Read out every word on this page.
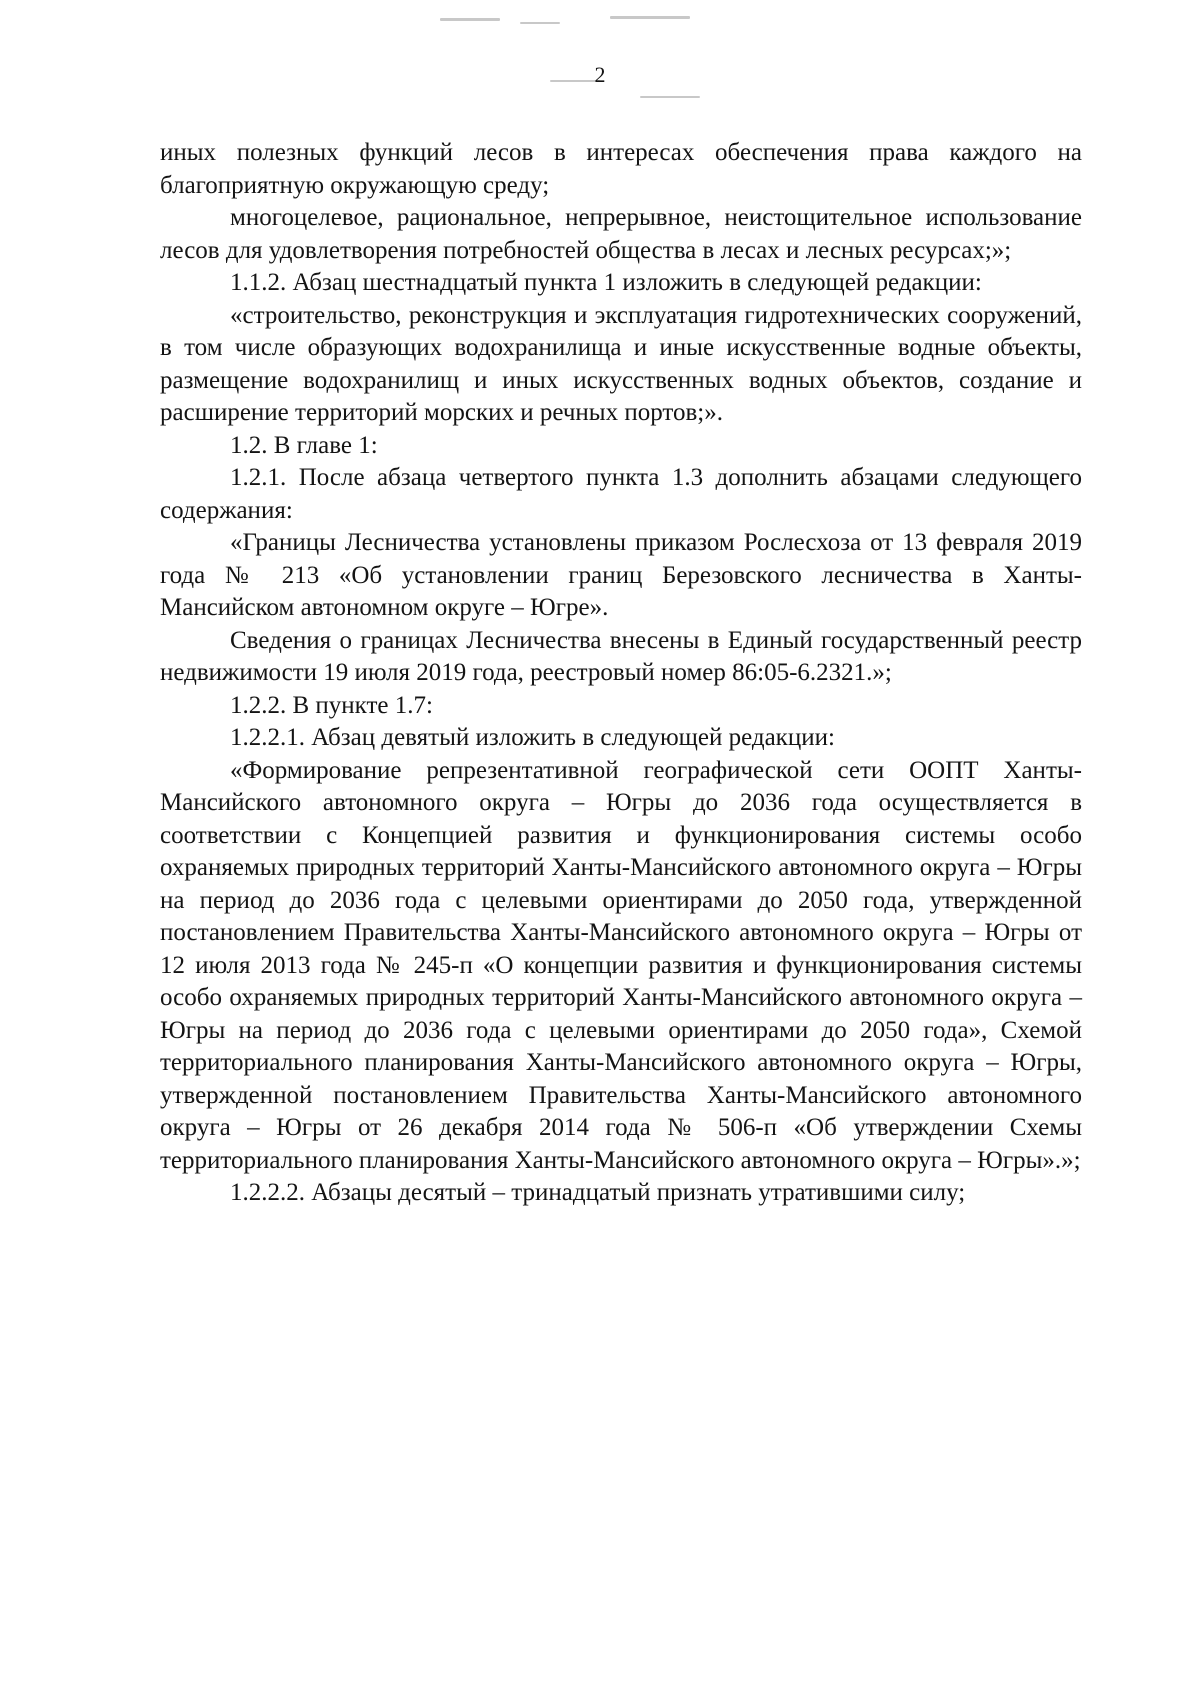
2

иных полезных функций лесов в интересах обеспечения права каждого на благоприятную окружающую среду;

многоцелевое, рациональное, непрерывное, неистощительное использование лесов для удовлетворения потребностей общества в лесах и лесных ресурсах;»;

1.1.2. Абзац шестнадцатый пункта 1 изложить в следующей редакции:

«строительство, реконструкция и эксплуатация гидротехнических сооружений, в том числе образующих водохранилища и иные искусственные водные объекты, размещение водохранилищ и иных искусственных водных объектов, создание и расширение территорий морских и речных портов;».

1.2. В главе 1:

1.2.1. После абзаца четвертого пункта 1.3 дополнить абзацами следующего содержания:

«Границы Лесничества установлены приказом Рослесхоза от 13 февраля 2019 года № 213 «Об установлении границ Березовского лесничества в Ханты-Мансийском автономном округе – Югре».

Сведения о границах Лесничества внесены в Единый государственный реестр недвижимости 19 июля 2019 года, реестровый номер 86:05-6.2321.»;

1.2.2. В пункте 1.7:

1.2.2.1. Абзац девятый изложить в следующей редакции:

«Формирование репрезентативной географической сети ООПТ Ханты-Мансийского автономного округа – Югры до 2036 года осуществляется в соответствии с Концепцией развития и функционирования системы особо охраняемых природных территорий Ханты-Мансийского автономного округа – Югры на период до 2036 года с целевыми ориентирами до 2050 года, утвержденной постановлением Правительства Ханты-Мансийского автономного округа – Югры от 12 июля 2013 года № 245-п «О концепции развития и функционирования системы особо охраняемых природных территорий Ханты-Мансийского автономного округа – Югры на период до 2036 года с целевыми ориентирами до 2050 года», Схемой территориального планирования Ханты-Мансийского автономного округа – Югры, утвержденной постановлением Правительства Ханты-Мансийского автономного округа – Югры от 26 декабря 2014 года № 506-п «Об утверждении Схемы территориального планирования Ханты-Мансийского автономного округа – Югры».»;

1.2.2.2. Абзацы десятый – тринадцатый признать утратившими силу;
